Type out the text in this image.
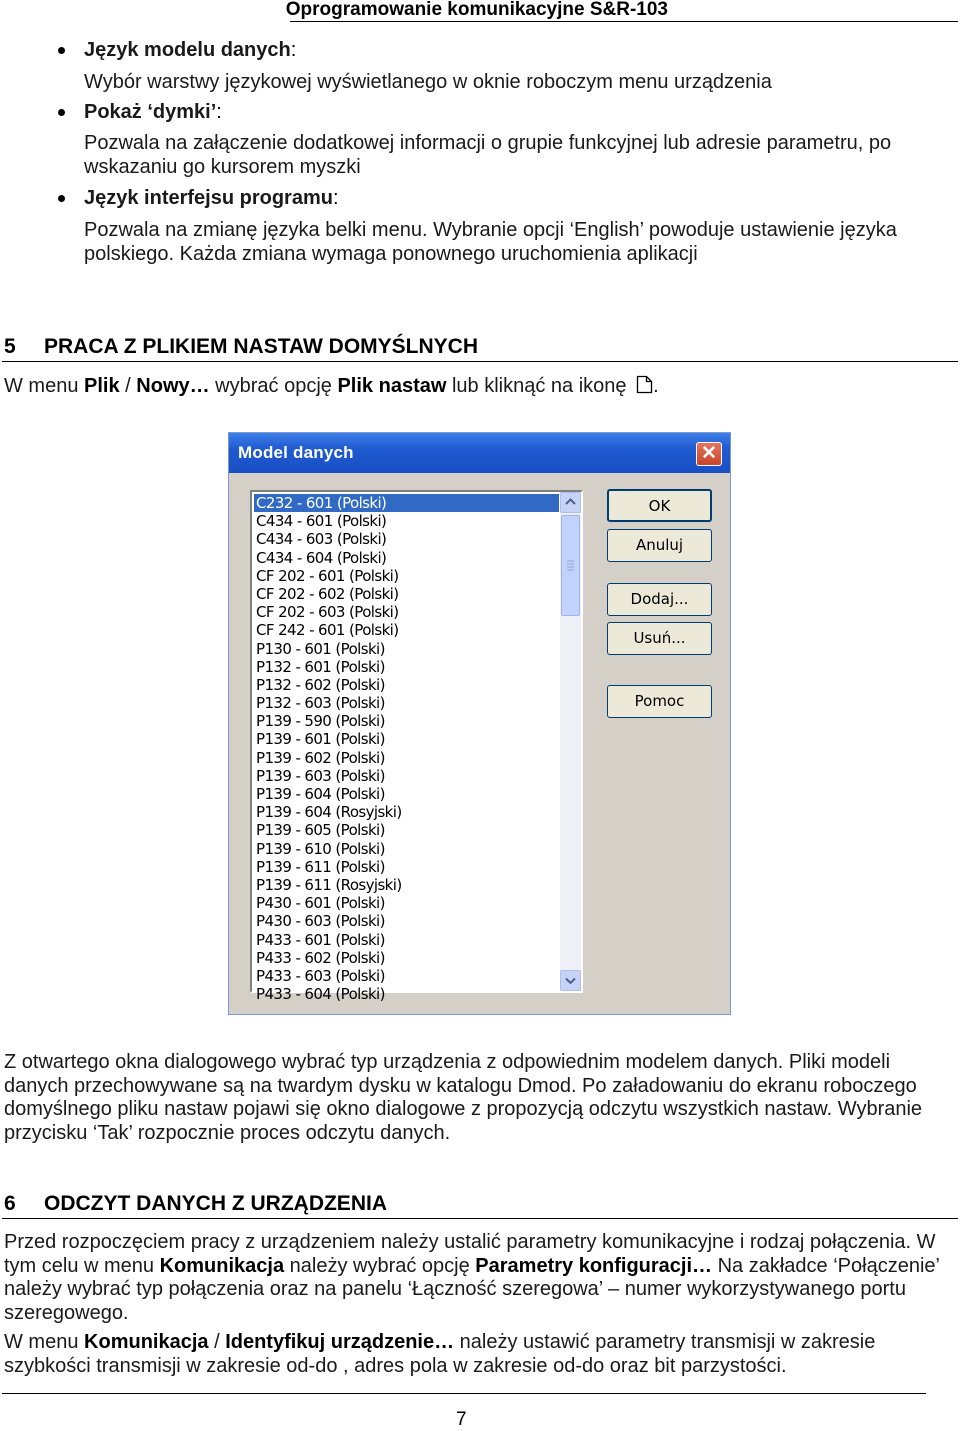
Oprogramowanie komunikacyjne S&R-103
Język modelu danych:
Wybór warstwy językowej wyświetlanego w oknie roboczym menu urządzenia
Pokaż ‘dymki’:
Pozwala na załączenie dodatkowej informacji o grupie funkcyjnej lub adresie parametru, po wskazaniu go kursorem myszki
Język interfejsu programu:
Pozwala na zmianę języka belki menu. Wybranie opcji ‘English’ powoduje ustawienie języka polskiego. Każda zmiana wymaga ponownego uruchomienia aplikacji
5 PRACA Z PLIKIEM NASTAW DOMYŚLNYCH
W menu Plik / Nowy… wybrać opcję Plik nastaw lub kliknąć na ikonę .
Model danych	✕
C232 - 601 (Polski)
C434 - 601 (Polski)
C434 - 603 (Polski)
C434 - 604 (Polski)
CF 202 - 601 (Polski)
CF 202 - 602 (Polski)
CF 202 - 603 (Polski)
CF 242 - 601 (Polski)
P130 - 601 (Polski)
P132 - 601 (Polski)
P132 - 602 (Polski)
P132 - 603 (Polski)
P139 - 590 (Polski)
P139 - 601 (Polski)
P139 - 602 (Polski)
P139 - 603 (Polski)
P139 - 604 (Polski)
P139 - 604 (Rosyjski)
P139 - 605 (Polski)
P139 - 610 (Polski)
P139 - 611 (Polski)
P139 - 611 (Rosyjski)
P430 - 601 (Polski)
P430 - 603 (Polski)
P433 - 601 (Polski)
P433 - 602 (Polski)
P433 - 603 (Polski)
P433 - 604 (Polski)
OK
Anuluj
Dodaj...
Usuń...
Pomoc
Z otwartego okna dialogowego wybrać typ urządzenia z odpowiednim modelem danych. Pliki modeli danych przechowywane są na twardym dysku w katalogu Dmod. Po załadowaniu do ekranu roboczego domyślnego pliku nastaw pojawi się okno dialogowe z propozycją odczytu wszystkich nastaw. Wybranie przycisku ‘Tak’ rozpocznie proces odczytu danych.
6 ODCZYT DANYCH Z URZĄDZENIA
Przed rozpoczęciem pracy z urządzeniem należy ustalić parametry komunikacyjne i rodzaj połączenia. W tym celu w menu Komunikacja należy wybrać opcję Parametry konfiguracji… Na zakładce ‘Połączenie’ należy wybrać typ połączenia oraz na panelu ‘Łączność szeregowa’ – numer wykorzystywanego portu szeregowego.
W menu Komunikacja / Identyfikuj urządzenie… należy ustawić parametry transmisji w zakresie szybkości transmisji w zakresie od-do , adres pola w zakresie od-do oraz bit parzystości.
7
